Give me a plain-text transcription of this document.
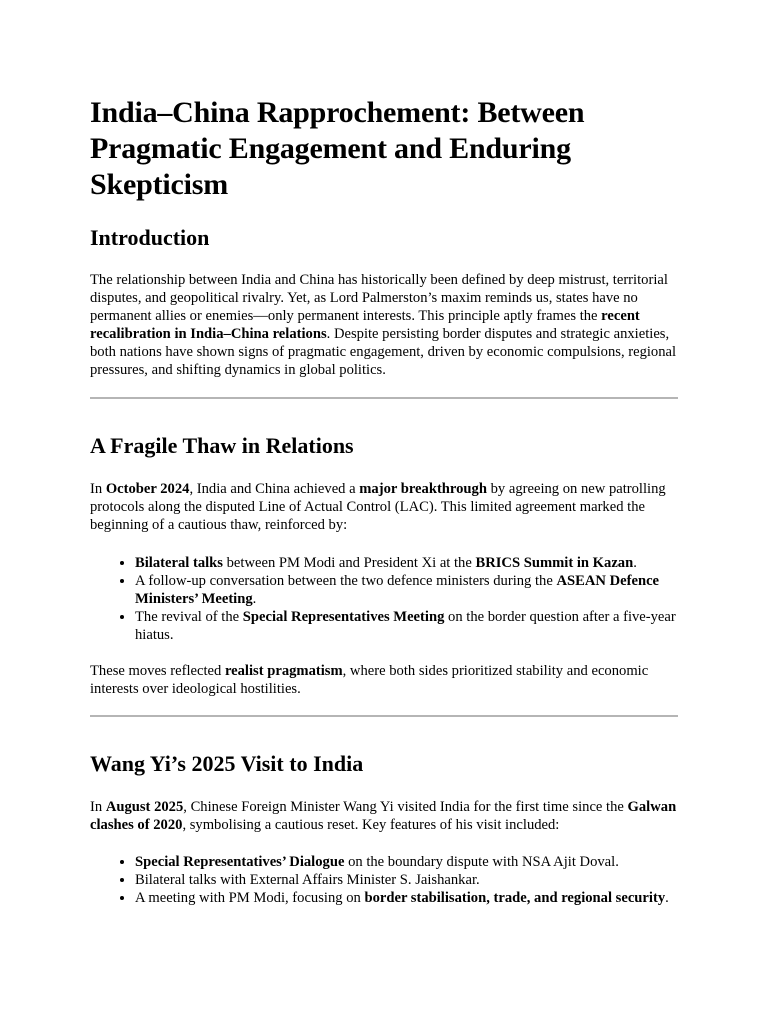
India–China Rapprochement: Between Pragmatic Engagement and Enduring Skepticism
Introduction

The relationship between India and China has historically been defined by deep mistrust, territorial disputes, and geopolitical rivalry. Yet, as Lord Palmerston’s maxim reminds us, states have no permanent allies or enemies—only permanent interests. This principle aptly frames the recent recalibration in India–China relations. Despite persisting border disputes and strategic anxieties, both nations have shown signs of pragmatic engagement, driven by economic compulsions, regional pressures, and shifting dynamics in global politics.

A Fragile Thaw in Relations

In October 2024, India and China achieved a major breakthrough by agreeing on new patrolling protocols along the disputed Line of Actual Control (LAC). This limited agreement marked the beginning of a cautious thaw, reinforced by:

• Bilateral talks between PM Modi and President Xi at the BRICS Summit in Kazan.
• A follow-up conversation between the two defence ministers during the ASEAN Defence Ministers’ Meeting.
• The revival of the Special Representatives Meeting on the border question after a five-year hiatus.

These moves reflected realist pragmatism, where both sides prioritized stability and economic interests over ideological hostilities.

Wang Yi’s 2025 Visit to India

In August 2025, Chinese Foreign Minister Wang Yi visited India for the first time since the Galwan clashes of 2020, symbolising a cautious reset. Key features of his visit included:

• Special Representatives’ Dialogue on the boundary dispute with NSA Ajit Doval.
• Bilateral talks with External Affairs Minister S. Jaishankar.
• A meeting with PM Modi, focusing on border stabilisation, trade, and regional security.
